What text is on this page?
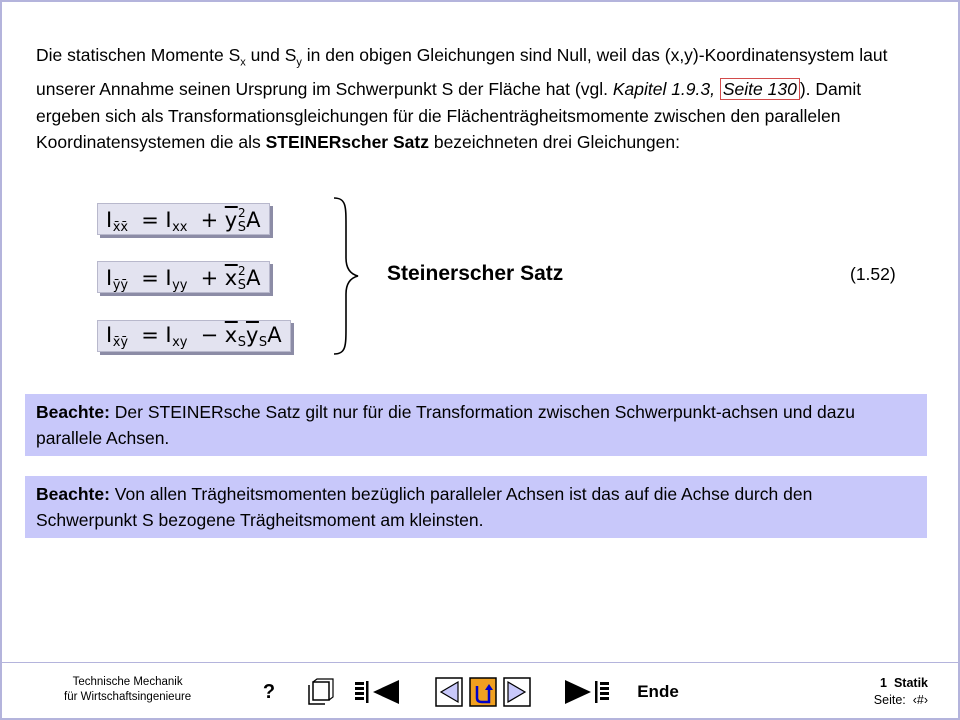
Die statischen Momente $S_x$ und $S_y$ in den obigen Gleichungen sind Null, weil das (x,y)-Koordinatensystem laut unserer Annahme seinen Ursprung im Schwerpunkt S der Fläche hat (vgl. Kapitel 1.9.3, Seite 130 ). Damit ergeben sich als Transformationsgleichungen für die Flächenträgheitsmomente zwischen den parallelen Koordinatensystemen die als STEINERscher Satz bezeichneten drei Gleichungen:

$I_{x̄x̄} = I_{xx} + \overline{y}_S^2A$
$I_{ȳȳ} = I_{yy} + \overline{x}_S^2A$
$I_{x̄ȳ} = I_{xy} - \overline{x}_S\overline{y}_SA$
Steinerscher Satz	(1.52)
Beachte: Der STEINERsche Satz gilt nur für die Transformation zwischen Schwerpunkt-achsen und dazu parallele Achsen.
Beachte: Von allen Trägheitsmomenten bezüglich paralleler Achsen ist das auf die Achse durch den Schwerpunkt S bezogene Trägheitsmoment am kleinsten.
Technische Mechanik
für Wirtschaftsingenieure	?	Ende	1 Statik
Seite: ‹#›
